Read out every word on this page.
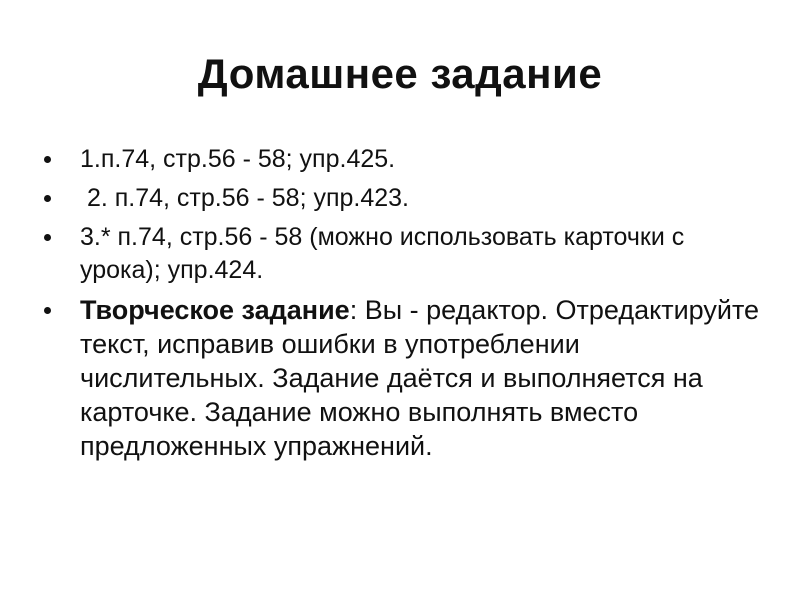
Домашнее задание
1.п.74, стр.56 - 58; упр.425.
2. п.74, стр.56 - 58; упр.423.
3.* п.74, стр.56 - 58 (можно использовать карточки с урока); упр.424.
Творческое задание: Вы - редактор. Отредактируйте текст, исправив ошибки в употреблении числительных. Задание даётся и выполняется на карточке. Задание можно выполнять вместо предложенных упражнений.
